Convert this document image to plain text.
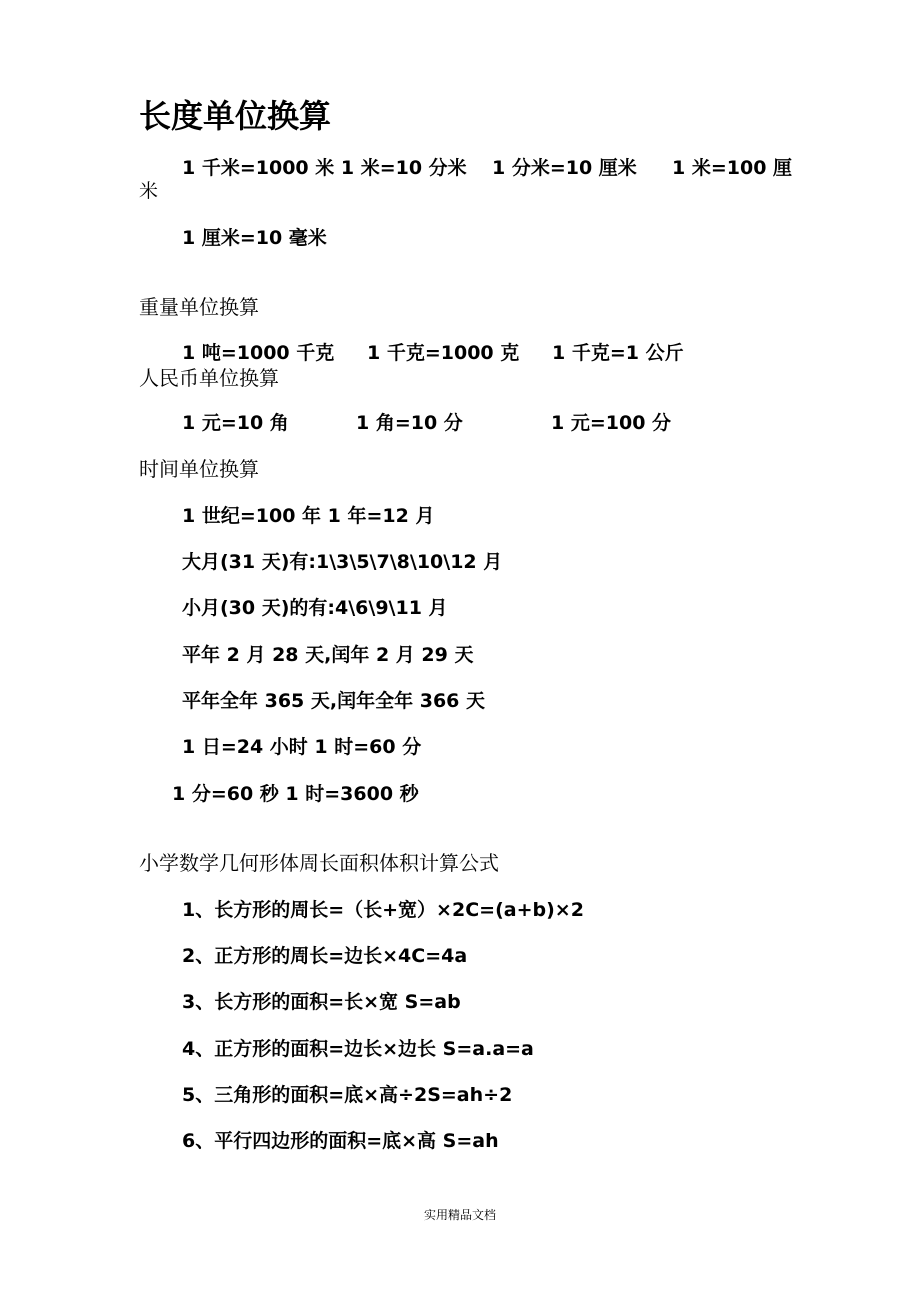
长度单位换算
1 千米=1000 米 1 米=10 分米 1 分米=10 厘米 1 米=100 厘
米
1 厘米=10 毫米
重量单位换算
1 吨=1000 千克 1 千克=1000 克 1 千克=1 公斤
人民币单位换算
1 元=10 角	1 角=10 分	1 元=100 分
时间单位换算
1 世纪=100 年 1 年=12 月
大月(31 天)有:1\3\5\7\8\10\12 月
小月(30 天)的有:4\6\9\11 月
平年 2 月 28 天,闰年 2 月 29 天
平年全年 365 天,闰年全年 366 天
1 日=24 小时 1 时=60 分
1 分=60 秒 1 时=3600 秒
小学数学几何形体周长面积体积计算公式
1、长方形的周长=（长+宽）×2C=(a+b)×2
2、正方形的周长=边长×4C=4a
3、长方形的面积=长×宽 S=ab
4、正方形的面积=边长×边长 S=a.a=a
5、三角形的面积=底×高÷2S=ah÷2
6、平行四边形的面积=底×高 S=ah
实用精品文档
